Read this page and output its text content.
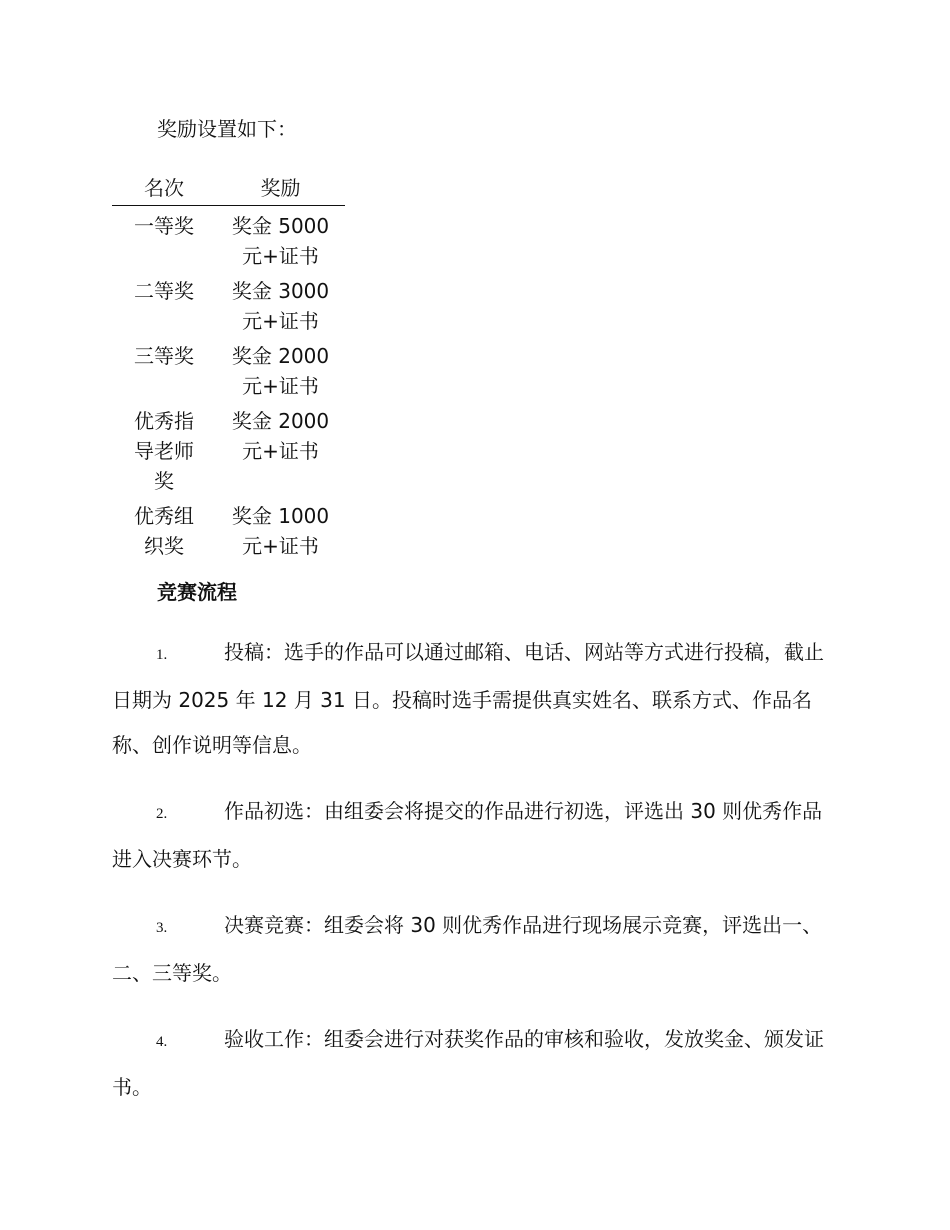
奖励设置如下：
名次	奖励
一等奖	奖金 5000 元+证书
二等奖	奖金 3000 元+证书
三等奖	奖金 2000 元+证书
优秀指导老师奖	奖金 2000 元+证书
优秀组织奖	奖金 1000 元+证书
竞赛流程

1.	投稿：选手的作品可以通过邮箱、电话、网站等方式进行投稿，截止日期为 2025 年 12 月 31 日。投稿时选手需提供真实姓名、联系方式、作品名称、创作说明等信息。

2.	作品初选：由组委会将提交的作品进行初选，评选出 30 则优秀作品进入决赛环节。

3.	决赛竞赛：组委会将 30 则优秀作品进行现场展示竞赛，评选出一、二、三等奖。

4.	验收工作：组委会进行对获奖作品的审核和验收，发放奖金、颁发证书。
